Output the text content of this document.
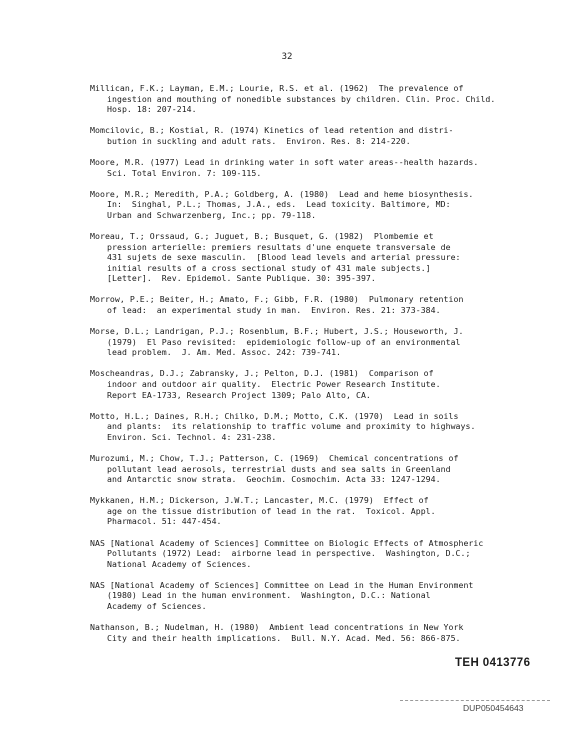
32
Millican, F.K.; Layman, E.M.; Lourie, R.S. et al. (1962)  The prevalence of
ingestion and mouthing of nonedible substances by children. Clin. Proc. Child.
Hosp. 18: 207-214.
Momcilovic, B.; Kostial, R. (1974) Kinetics of lead retention and distri-
bution in suckling and adult rats.  Environ. Res. 8: 214-220.
Moore, M.R. (1977) Lead in drinking water in soft water areas--health hazards.
Sci. Total Environ. 7: 109-115.
Moore, M.R.; Meredith, P.A.; Goldberg, A. (1980)  Lead and heme biosynthesis.
In:  Singhal, P.L.; Thomas, J.A., eds.  Lead toxicity. Baltimore, MD:
Urban and Schwarzenberg, Inc.; pp. 79-118.
Moreau, T.; Orssaud, G.; Juguet, B.; Busquet, G. (1982)  Plombemie et
pression arterielle: premiers resultats d'une enquete transversale de
431 sujets de sexe masculin.  [Blood lead levels and arterial pressure:
initial results of a cross sectional study of 431 male subjects.]
[Letter].  Rev. Epidemol. Sante Publique. 30: 395-397.
Morrow, P.E.; Beiter, H.; Amato, F.; Gibb, F.R. (1980)  Pulmonary retention
of lead:  an experimental study in man.  Environ. Res. 21: 373-384.
Morse, D.L.; Landrigan, P.J.; Rosenblum, B.F.; Hubert, J.S.; Houseworth, J.
(1979)  El Paso revisited:  epidemiologic follow-up of an environmental
lead problem.  J. Am. Med. Assoc. 242: 739-741.
Moscheandras, D.J.; Zabransky, J.; Pelton, D.J. (1981)  Comparison of
indoor and outdoor air quality.  Electric Power Research Institute.
Report EA-1733, Research Project 1309; Palo Alto, CA.
Motto, H.L.; Daines, R.H.; Chilko, D.M.; Motto, C.K. (1970)  Lead in soils
and plants:  its relationship to traffic volume and proximity to highways.
Environ. Sci. Technol. 4: 231-238.
Murozumi, M.; Chow, T.J.; Patterson, C. (1969)  Chemical concentrations of
pollutant lead aerosols, terrestrial dusts and sea salts in Greenland
and Antarctic snow strata.  Geochim. Cosmochim. Acta 33: 1247-1294.
Mykkanen, H.M.; Dickerson, J.W.T.; Lancaster, M.C. (1979)  Effect of
age on the tissue distribution of lead in the rat.  Toxicol. Appl.
Pharmacol. 51: 447-454.
NAS [National Academy of Sciences] Committee on Biologic Effects of Atmospheric
Pollutants (1972) Lead:  airborne lead in perspective.  Washington, D.C.;
National Academy of Sciences.
NAS [National Academy of Sciences] Committee on Lead in the Human Environment
(1980) Lead in the human environment.  Washington, D.C.: National
Academy of Sciences.
Nathanson, B.; Nudelman, H. (1980)  Ambient lead concentrations in New York
City and their health implications.  Bull. N.Y. Acad. Med. 56: 866-875.
TEH 0413776
DUP050454643
